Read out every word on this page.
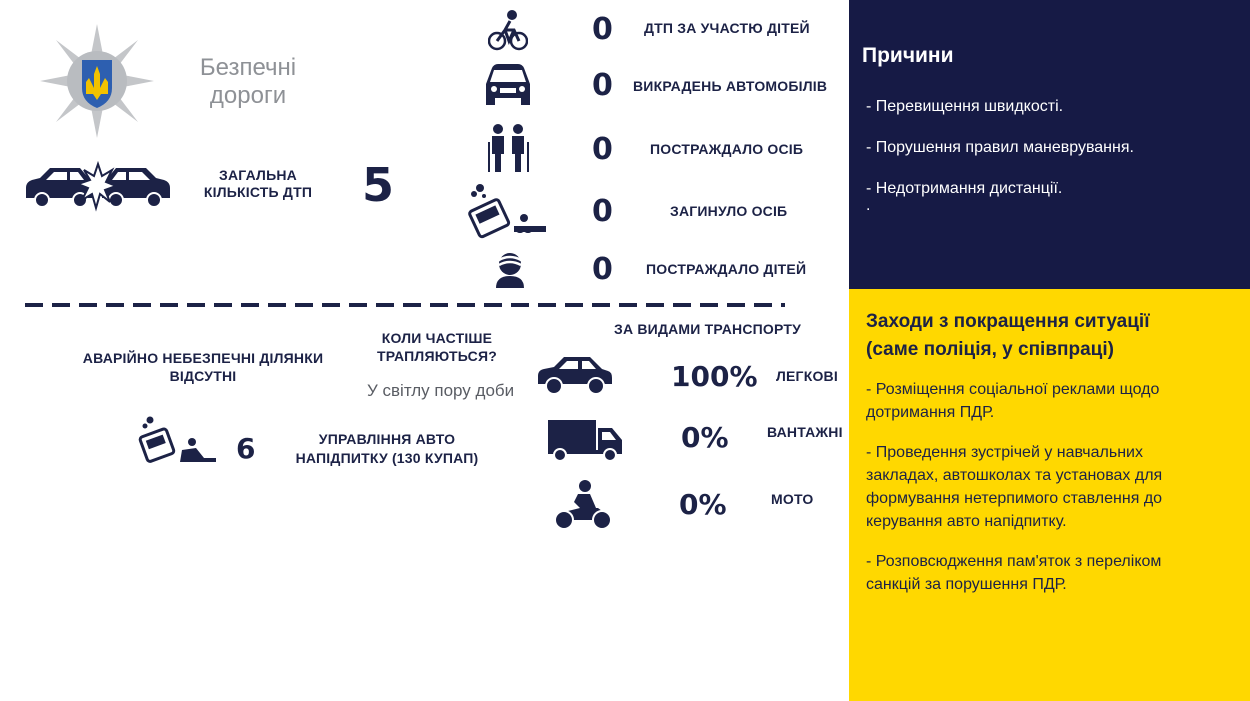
Безпечні
дороги
ЗАГАЛЬНА
КІЛЬКІСТЬ ДТП	5
0 ДТП ЗА УЧАСТЮ ДІТЕЙ
0 ВИКРАДЕНЬ АВТОМОБІЛІВ
0	ПОСТРАЖДАЛО ОСІБ
0	ЗАГИНУЛО ОСІБ
0 ПОСТРАЖДАЛО ДІТЕЙ
АВАРІЙНО НЕБЕЗПЕЧНІ ДІЛЯНКИ
ВІДСУТНІ
КОЛИ ЧАСТІШЕ
ТРАПЛЯЮТЬСЯ?
У світлу пору доби
6	УПРАВЛІННЯ АВТО
НАПІДПИТКУ (130 КУПАП)
ЗА ВИДАМИ ТРАНСПОРТУ
100% ЛЕГКОВІ
0%	ВАНТАЖНІ
0%	МОТО
Причини
- Перевищення швидкості.
- Порушення правил маневрування.
- Недотримання дистанції.
.
Заходи з покращення ситуації
(саме поліція, у співпраці)
- Розміщення соціальної реклами щодо дотримання ПДР.
- Проведення зустрічей у навчальних закладах, автошколах та установах для формування нетерпимого ставлення до керування авто напідпитку.
- Розповсюдження пам'яток з переліком санкцій за порушення ПДР.
